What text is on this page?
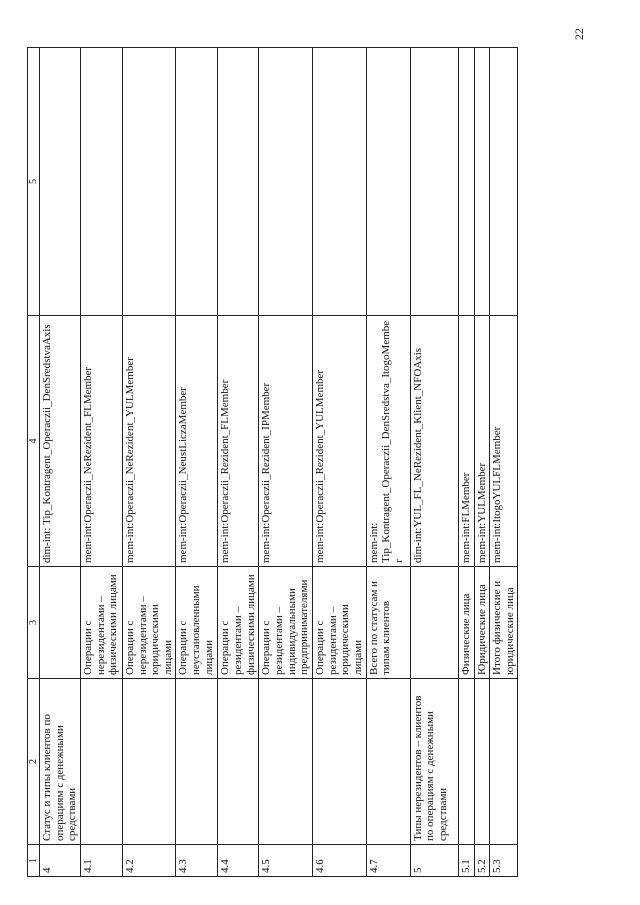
22
1	2	3	4	5
4	Статус и типы клиентов по операциям с денежными средствами		dim-int: Tip_Kontragent_Operaczii_DenSredstvaAxis	
4.1		Операции с нерезидентами – физическими лицами	mem-int:Operaczii_NeRezident_FLMember	
4.2		Операции с нерезидентами – юридическими лицами	mem-int:Operaczii_NeRezident_YULMember	
4.3		Операции с неустановленными лицами	mem-int:Operaczii_NeustLiczaMember	
4.4		Операции с резидентами – физическими лицами	mem-int:Operaczii_Rezident_FLMember	
4.5		Операции с резидентами – индивидуальными предпринимателями	mem-int:Operaczii_Rezident_IPMember	
4.6		Операции с резидентами – юридическими лицами	mem-int:Operaczii_Rezident_YULMember	
4.7		Всего по статусам и типам клиентов	mem-int: Tip_Kontragent_Operaczii_DenSredstva_ItogoMember	
5	Типы нерезидентов – клиентов по операциям с денежными средствами		dim-int:YUL_FL_NeRezident_Klient_NFOAxis	
5.1		Физические лица	mem-int:FLMember	
5.2		Юридические лица	mem-int:YULMember	
5.3		Итого физические и юридические лица	mem-int:ItogoYULFLMember	
